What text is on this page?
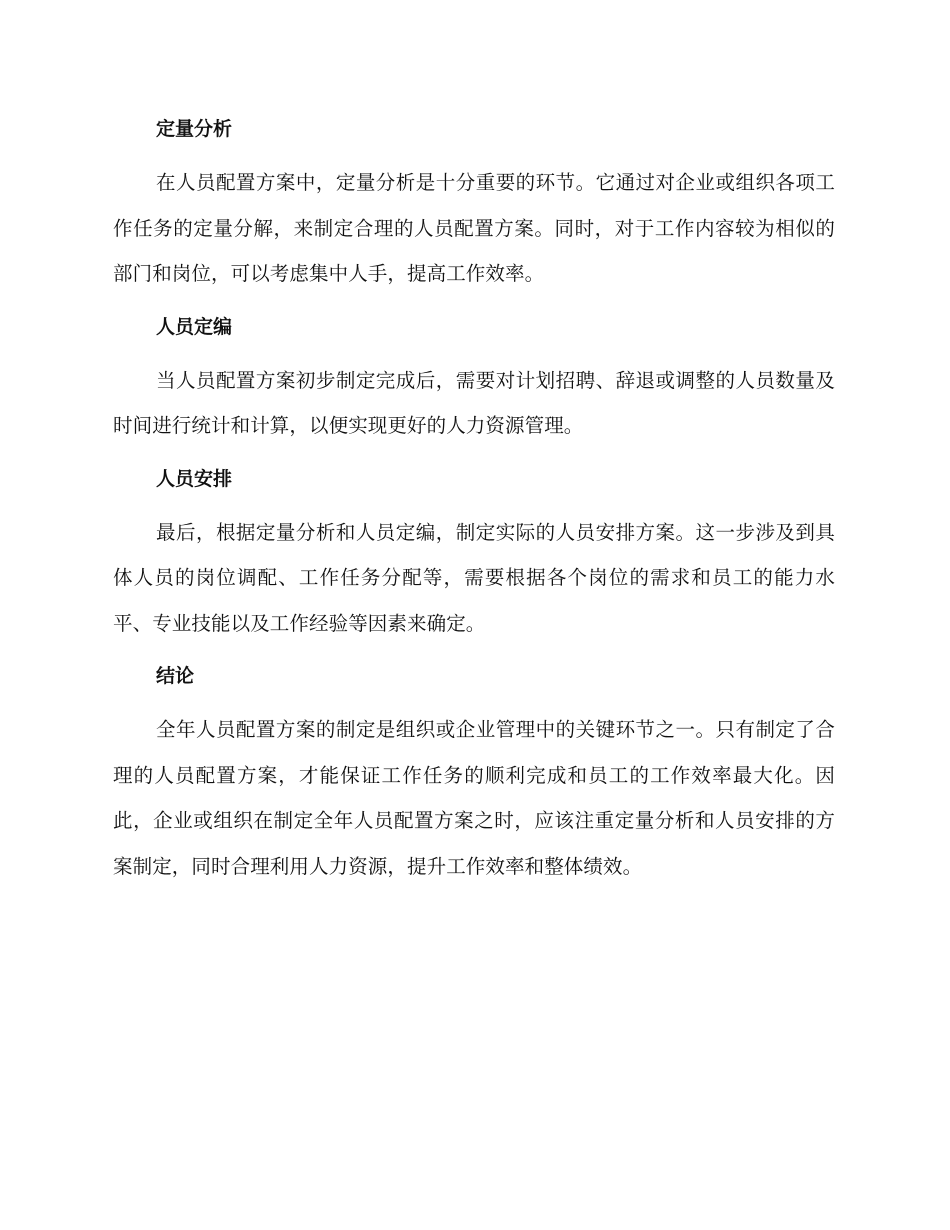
定量分析

在人员配置方案中，定量分析是十分重要的环节。它通过对企业或组织各项工作任务的定量分解，来制定合理的人员配置方案。同时，对于工作内容较为相似的部门和岗位，可以考虑集中人手，提高工作效率。

人员定编

当人员配置方案初步制定完成后，需要对计划招聘、辞退或调整的人员数量及时间进行统计和计算，以便实现更好的人力资源管理。

人员安排

最后，根据定量分析和人员定编，制定实际的人员安排方案。这一步涉及到具体人员的岗位调配、工作任务分配等，需要根据各个岗位的需求和员工的能力水平、专业技能以及工作经验等因素来确定。

结论

全年人员配置方案的制定是组织或企业管理中的关键环节之一。只有制定了合理的人员配置方案，才能保证工作任务的顺利完成和员工的工作效率最大化。因此，企业或组织在制定全年人员配置方案之时，应该注重定量分析和人员安排的方案制定，同时合理利用人力资源，提升工作效率和整体绩效。
